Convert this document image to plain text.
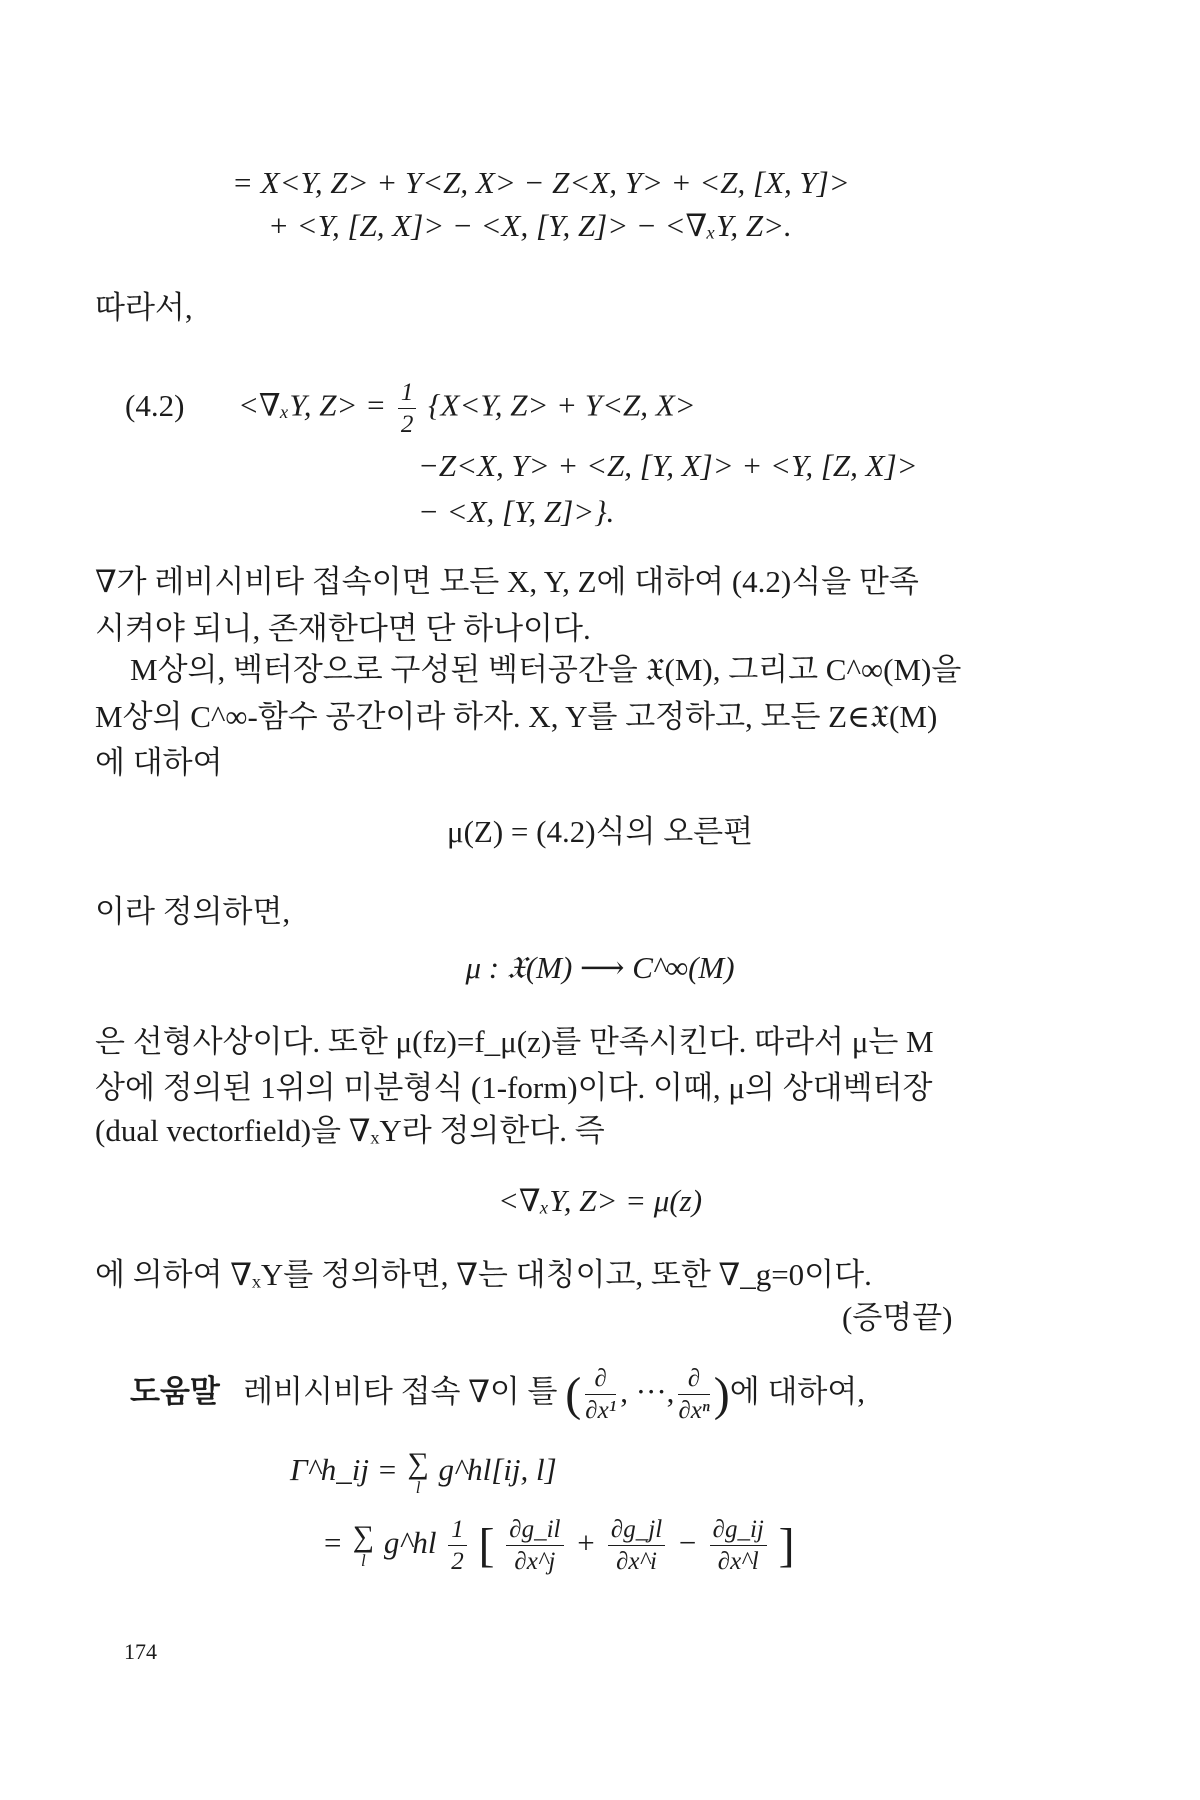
= X<Y, Z> + Y<Z, X> − Z<X, Y> + <Z, [X, Y]>
+ <Y, [Z, X]> − <X, [Y, Z]> − <∇ₓY, Z>.
따라서,
(4.2) <∇ₓY, $Z> = \frac{1}{2} \{X<Y$, Z> + Y<Z, X>
−Z<X, Y> + <Z, [Y, X]> + <Y, [Z, X]>
− <X, [Y, Z]>}.
∇가 레비시비타 접속이면 모든 X, Y, Z에 대하여 (4.2)식을 만족
시켜야 되니, 존재한다면 단 하나이다.
M상의, 벡터장으로 구성된 벡터공간을 𝔛(M), 그리고 C^∞(M)을
M상의 C^∞-함수 공간이라 하자. X, Y를 고정하고, 모든 Z∈𝔛(M)
에 대하여
μ(Z) = (4.2)식의 오른편
이라 정의하면,
μ : 𝔛(M) ⟶ C^∞(M)
은 선형사상이다. 또한 μ(fz)=f_μ(z)를 만족시킨다. 따라서 μ는 M
상에 정의된 1위의 미분형식 (1-form)이다. 이때, μ의 상대벡터장
(dual vectorfield)을 ∇ₓY라 정의한다. 즉
<∇ₓY, Z> = μ(z)
에 의하여 ∇ₓY를 정의하면, ∇는 대칭이고, 또한 ∇_g=0이다.
(증명끝)
도움말 레비시비타 접속 ∇이 틀 ( $\frac{\partial}{\text{∂x¹}}$ , ···, $\frac{\partial}{\text{∂xⁿ}}$ )에 대하여,
Γ^h_ij = ∑
l
g^hl[ij, l]
= ∑
l
g^hl $\frac{1}{2}$ [ $\frac{\partial g\_il}{\partial x\^{}j} + \frac{\partial g\_jl}{\partial x\^{}i} - \frac{\partial g\_ij}{\partial x\^{}l}$ ]
174
